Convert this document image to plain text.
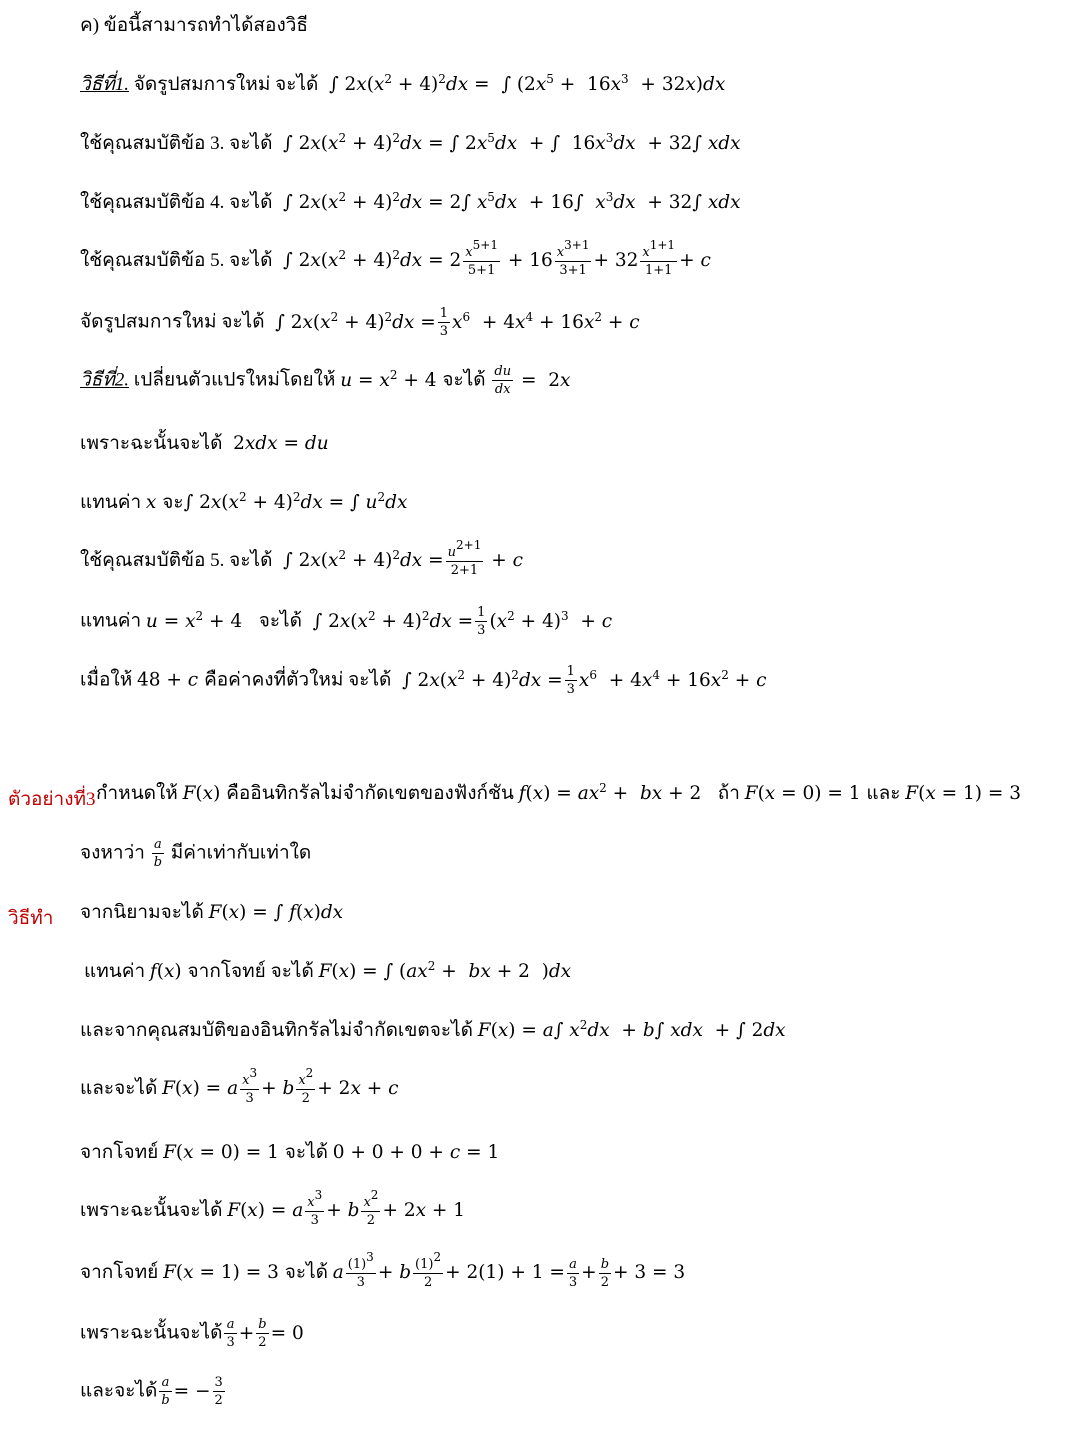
ค) ข้อนี้สามารถทำได้สองวิธี
วิธีที่1. จัดรูปสมการใหม่ จะได้  ∫ $2x(x^2 + 4)^2dx$ =  ∫ $(2x^5 + 16x^3 + 32x)dx$
ใช้คุณสมบัติข้อ 3. จะได้  ∫ $2x(x^2 + 4)^2dx$ = ∫ $2x^5dx$  + ∫  $16x^3dx + 32\int$ xdx
ใช้คุณสมบัติข้อ 4. จะได้  ∫ $2x(x^2 + 4)^2dx = 2\int$ $x^5dx + 16\int$  $x^3dx + 32\int$ xdx
ใช้คุณสมบัติข้อ 5. จะได้  ∫ $2x(x^2 + 4)^2dx = 2 \frac{x^{5+1}}{5+1} + 16 \frac{x^{3+1}}{3+1} + 32 \frac{x^{1+1}}{1+1} + c$
จัดรูปสมการใหม่ จะได้  ∫ $2x(x^2 + 4)^2dx = \frac{1}{3} x^6 + 4x^4 + 16x^2 + c$
วิธีที่2. เปลี่ยนตัวแปรใหม่โดยให้ $u = x^2 + 4$ จะได้ $\frac{du}{dx} = 2x$
เพราะฉะนั้นจะได้  2xdx = du
แทนค่า x จะ∫ $2x(x^2 + 4)^2dx$ = ∫ $u^2dx$
ใช้คุณสมบัติข้อ 5. จะได้  ∫ $2x(x^2 + 4)^2dx = \frac{u^{2+1}}{2+1} + c$
แทนค่า $u = x^2 + 4$   จะได้  ∫ $2x(x^2 + 4)^2dx = \frac{1}{3} (x^2 + 4)^3 + c$
เมื่อให้ 48 + c คือค่าคงที่ตัวใหม่ จะได้  ∫ $2x(x^2 + 4)^2dx = \frac{1}{3} x^6 + 4x^4 + 16x^2 + c$
ตัวอย่างที่3 กำหนดให้ F(x) คืออินทิกรัลไม่จำกัดเขตของฟังก์ชัน $f(x) = ax^2$ +  bx + 2   ถ้า F(x = 0) = 1 และ F(x = 1) = 3
จงหาว่า $\frac{a}{b}$ มีค่าเท่ากับเท่าใด
วิธีทำ จากนิยามจะได้ F(x) = ∫ f(x)dx
แทนค่า f(x) จากโจทย์ จะได้ F(x) = ∫ ($ax^2$ +  bx + 2  )dx
และจากคุณสมบัติของอินทิกรัลไม่จำกัดเขตจะได้ F(x) = a∫ $x^2dx + b\int$ xdx  + ∫ 2dx
และจะได้ F(x) = a $\frac{x^3}{3} + b \frac{x^2}{2} + 2x + c$
จากโจทย์ F(x = 0) = 1 จะได้ 0 + 0 + 0 + c = 1
เพราะฉะนั้นจะได้ F(x) = a $\frac{x^3}{3} + b \frac{x^2}{2} + 2x + 1$
จากโจทย์ F(x = 1) = 3 จะได้ a $\frac{(1)^3}{3} + b \frac{(1)^2}{2} + 2(1) + 1 = \frac{a}{3} + \frac{b}{2} + 3 = 3$
เพราะฉะนั้นจะได้ $\frac{a}{3} + \frac{b}{2} = 0$
และจะได้ $\frac{a}{b}$ = − $\frac{3}{2}$
